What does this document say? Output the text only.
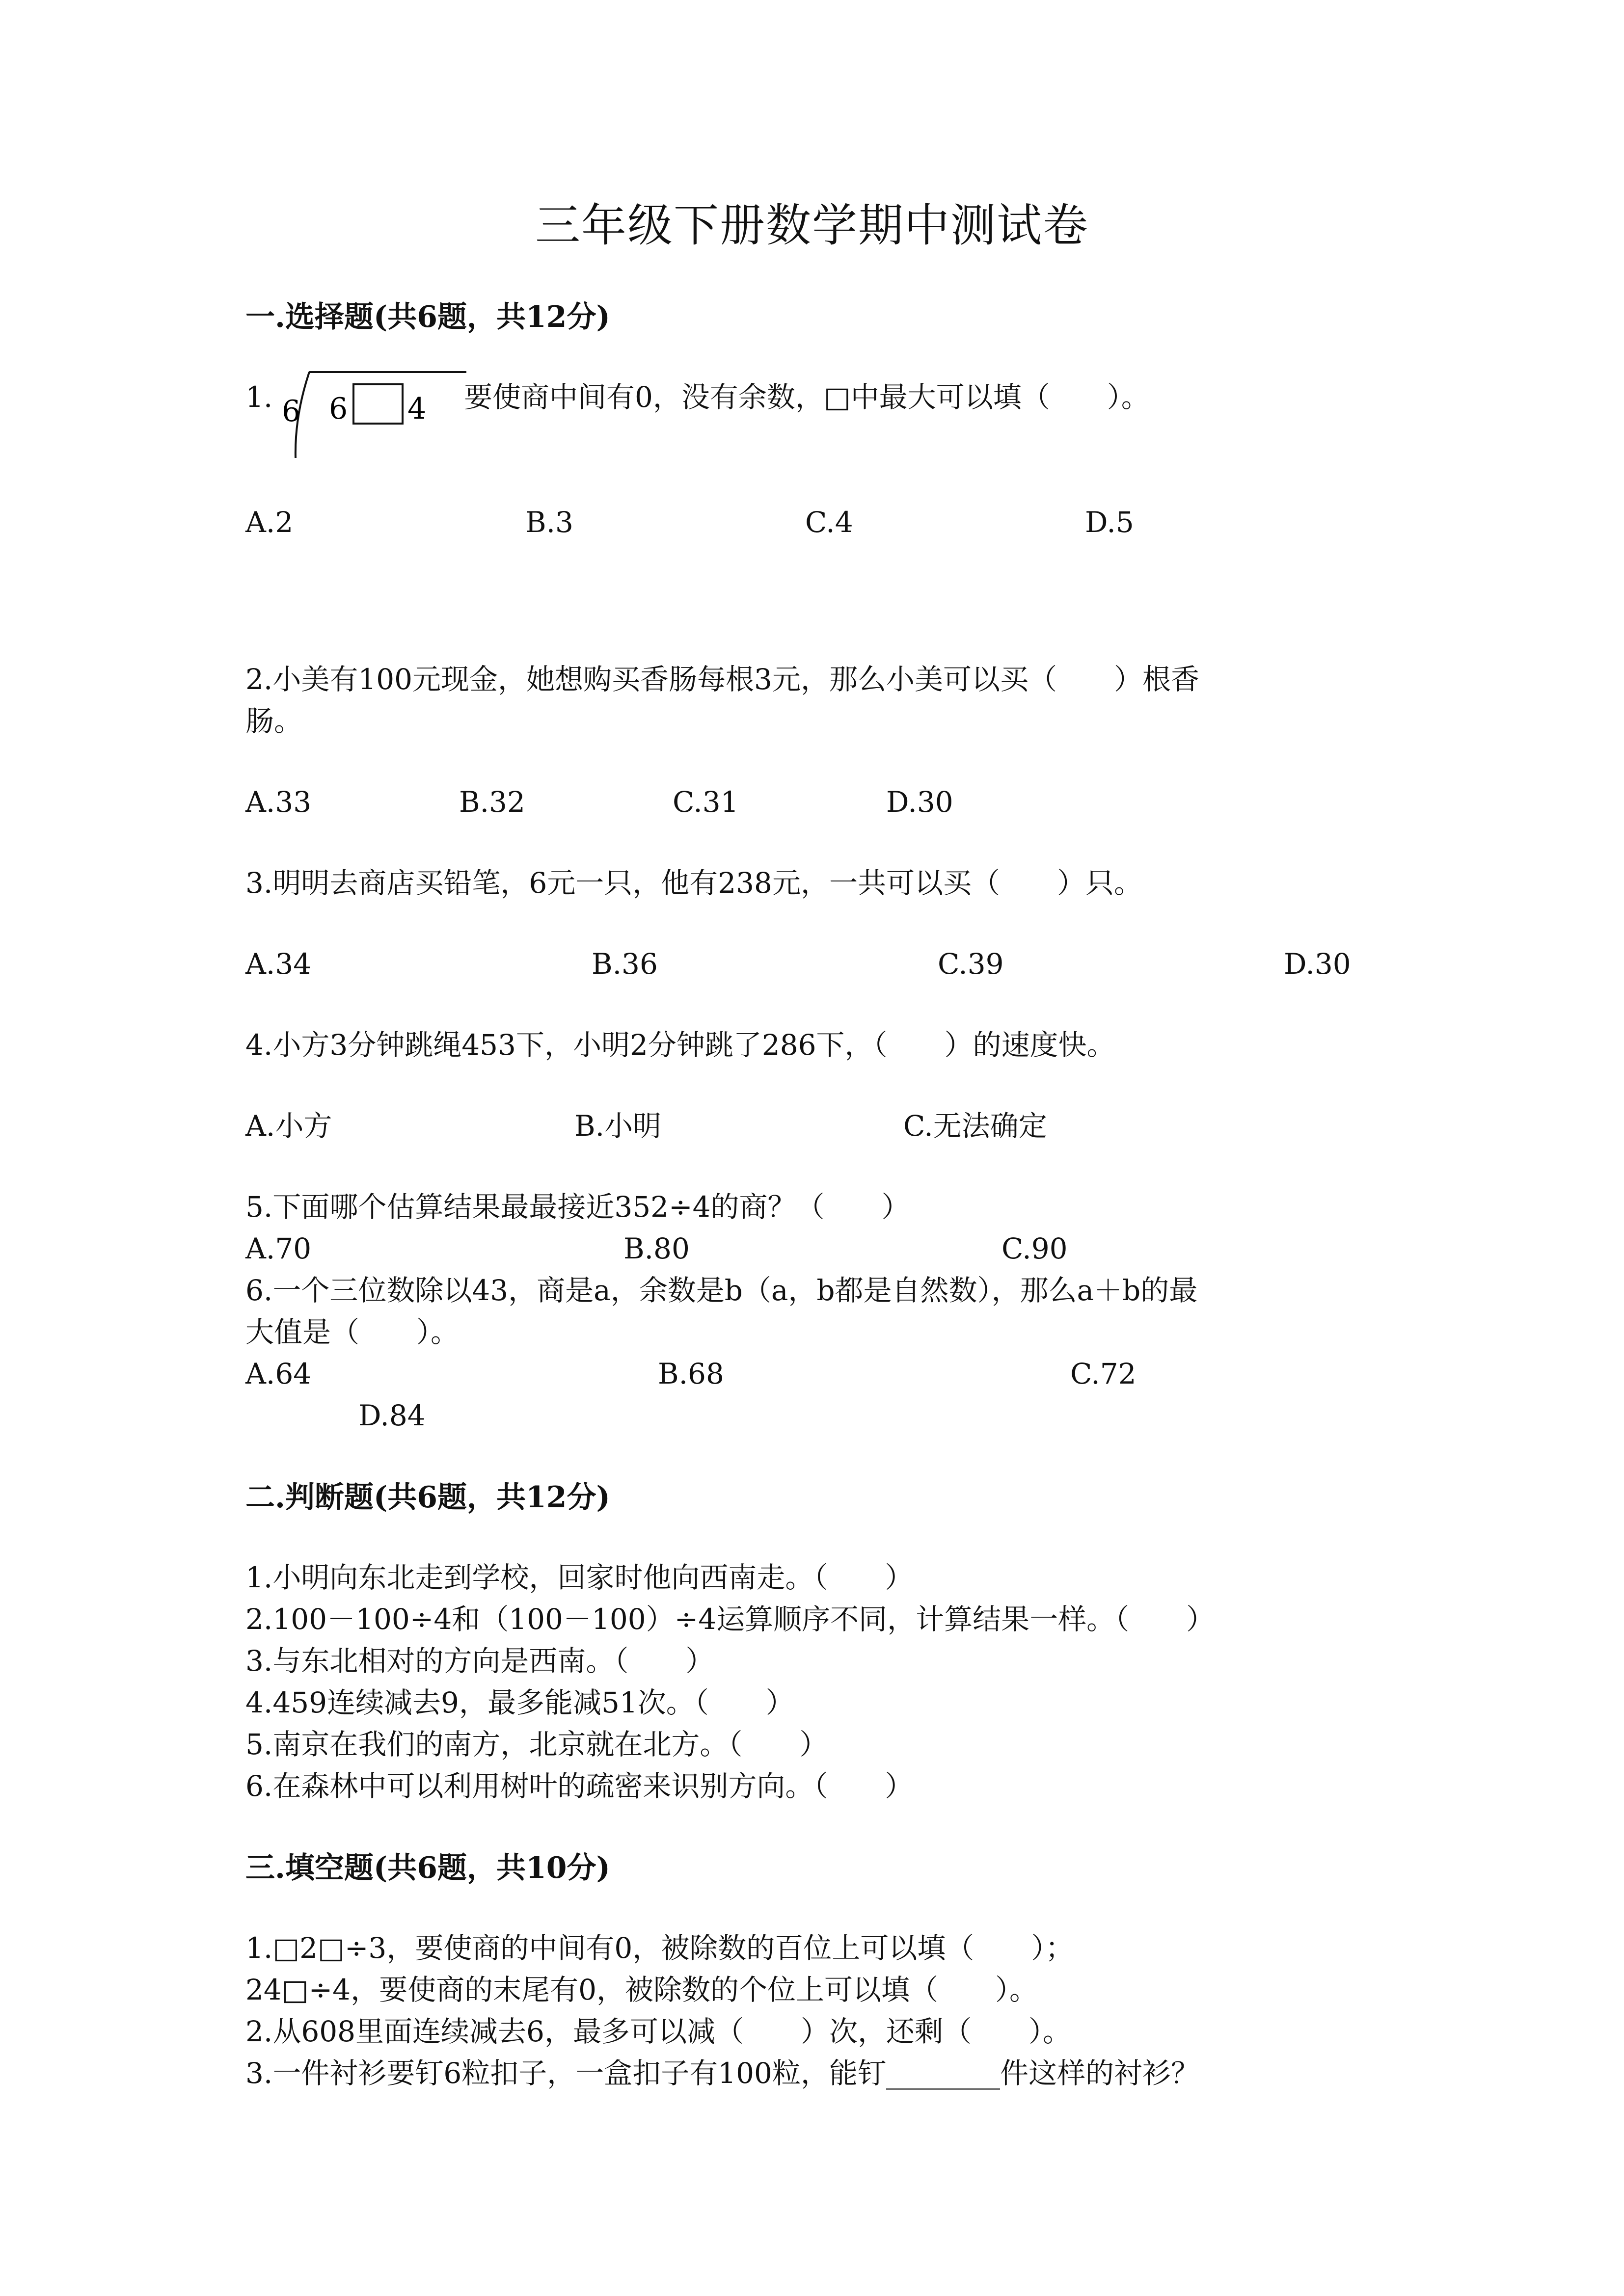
三年级下册数学期中测试卷
一.选择题(共6题，共12分)
1. 6 6 4 要使商中间有0，没有余数，□中最大可以填（　　）。
A.2	B.3	C.4	D.5
2.小美有100元现金，她想购买香肠每根3元，那么小美可以买（　　）根香
肠。
A.33	B.32	C.31	D.30
3.明明去商店买铅笔，6元一只，他有238元，一共可以买（　　）只。
A.34	B.36	C.39	D.30
4.小方3分钟跳绳453下，小明2分钟跳了286下，（　　）的速度快。
A.小方	B.小明	C.无法确定
5.下面哪个估算结果最最接近352÷4的商？（　　）
A.70	B.80	C.90
6.一个三位数除以43，商是a，余数是b（a，b都是自然数），那么a＋b的最
大值是（　　）。
A.64	B.68	C.72
D.84
二.判断题(共6题，共12分)
1.小明向东北走到学校，回家时他向西南走。（　　）
2.100－100÷4和（100－100）÷4运算顺序不同，计算结果一样。（　　）
3.与东北相对的方向是西南。（　　）
4.459连续减去9，最多能减51次。（　　）
5.南京在我们的南方，北京就在北方。（　　）
6.在森林中可以利用树叶的疏密来识别方向。（　　）
三.填空题(共6题，共10分)
1.□2□÷3，要使商的中间有0，被除数的百位上可以填（　　）；
24□÷4，要使商的末尾有0，被除数的个位上可以填（　　）。
2.从608里面连续减去6，最多可以减（　　）次，还剩（　　）。
3.一件衬衫要钉6粒扣子，一盒扣子有100粒，能钉________件这样的衬衫？
